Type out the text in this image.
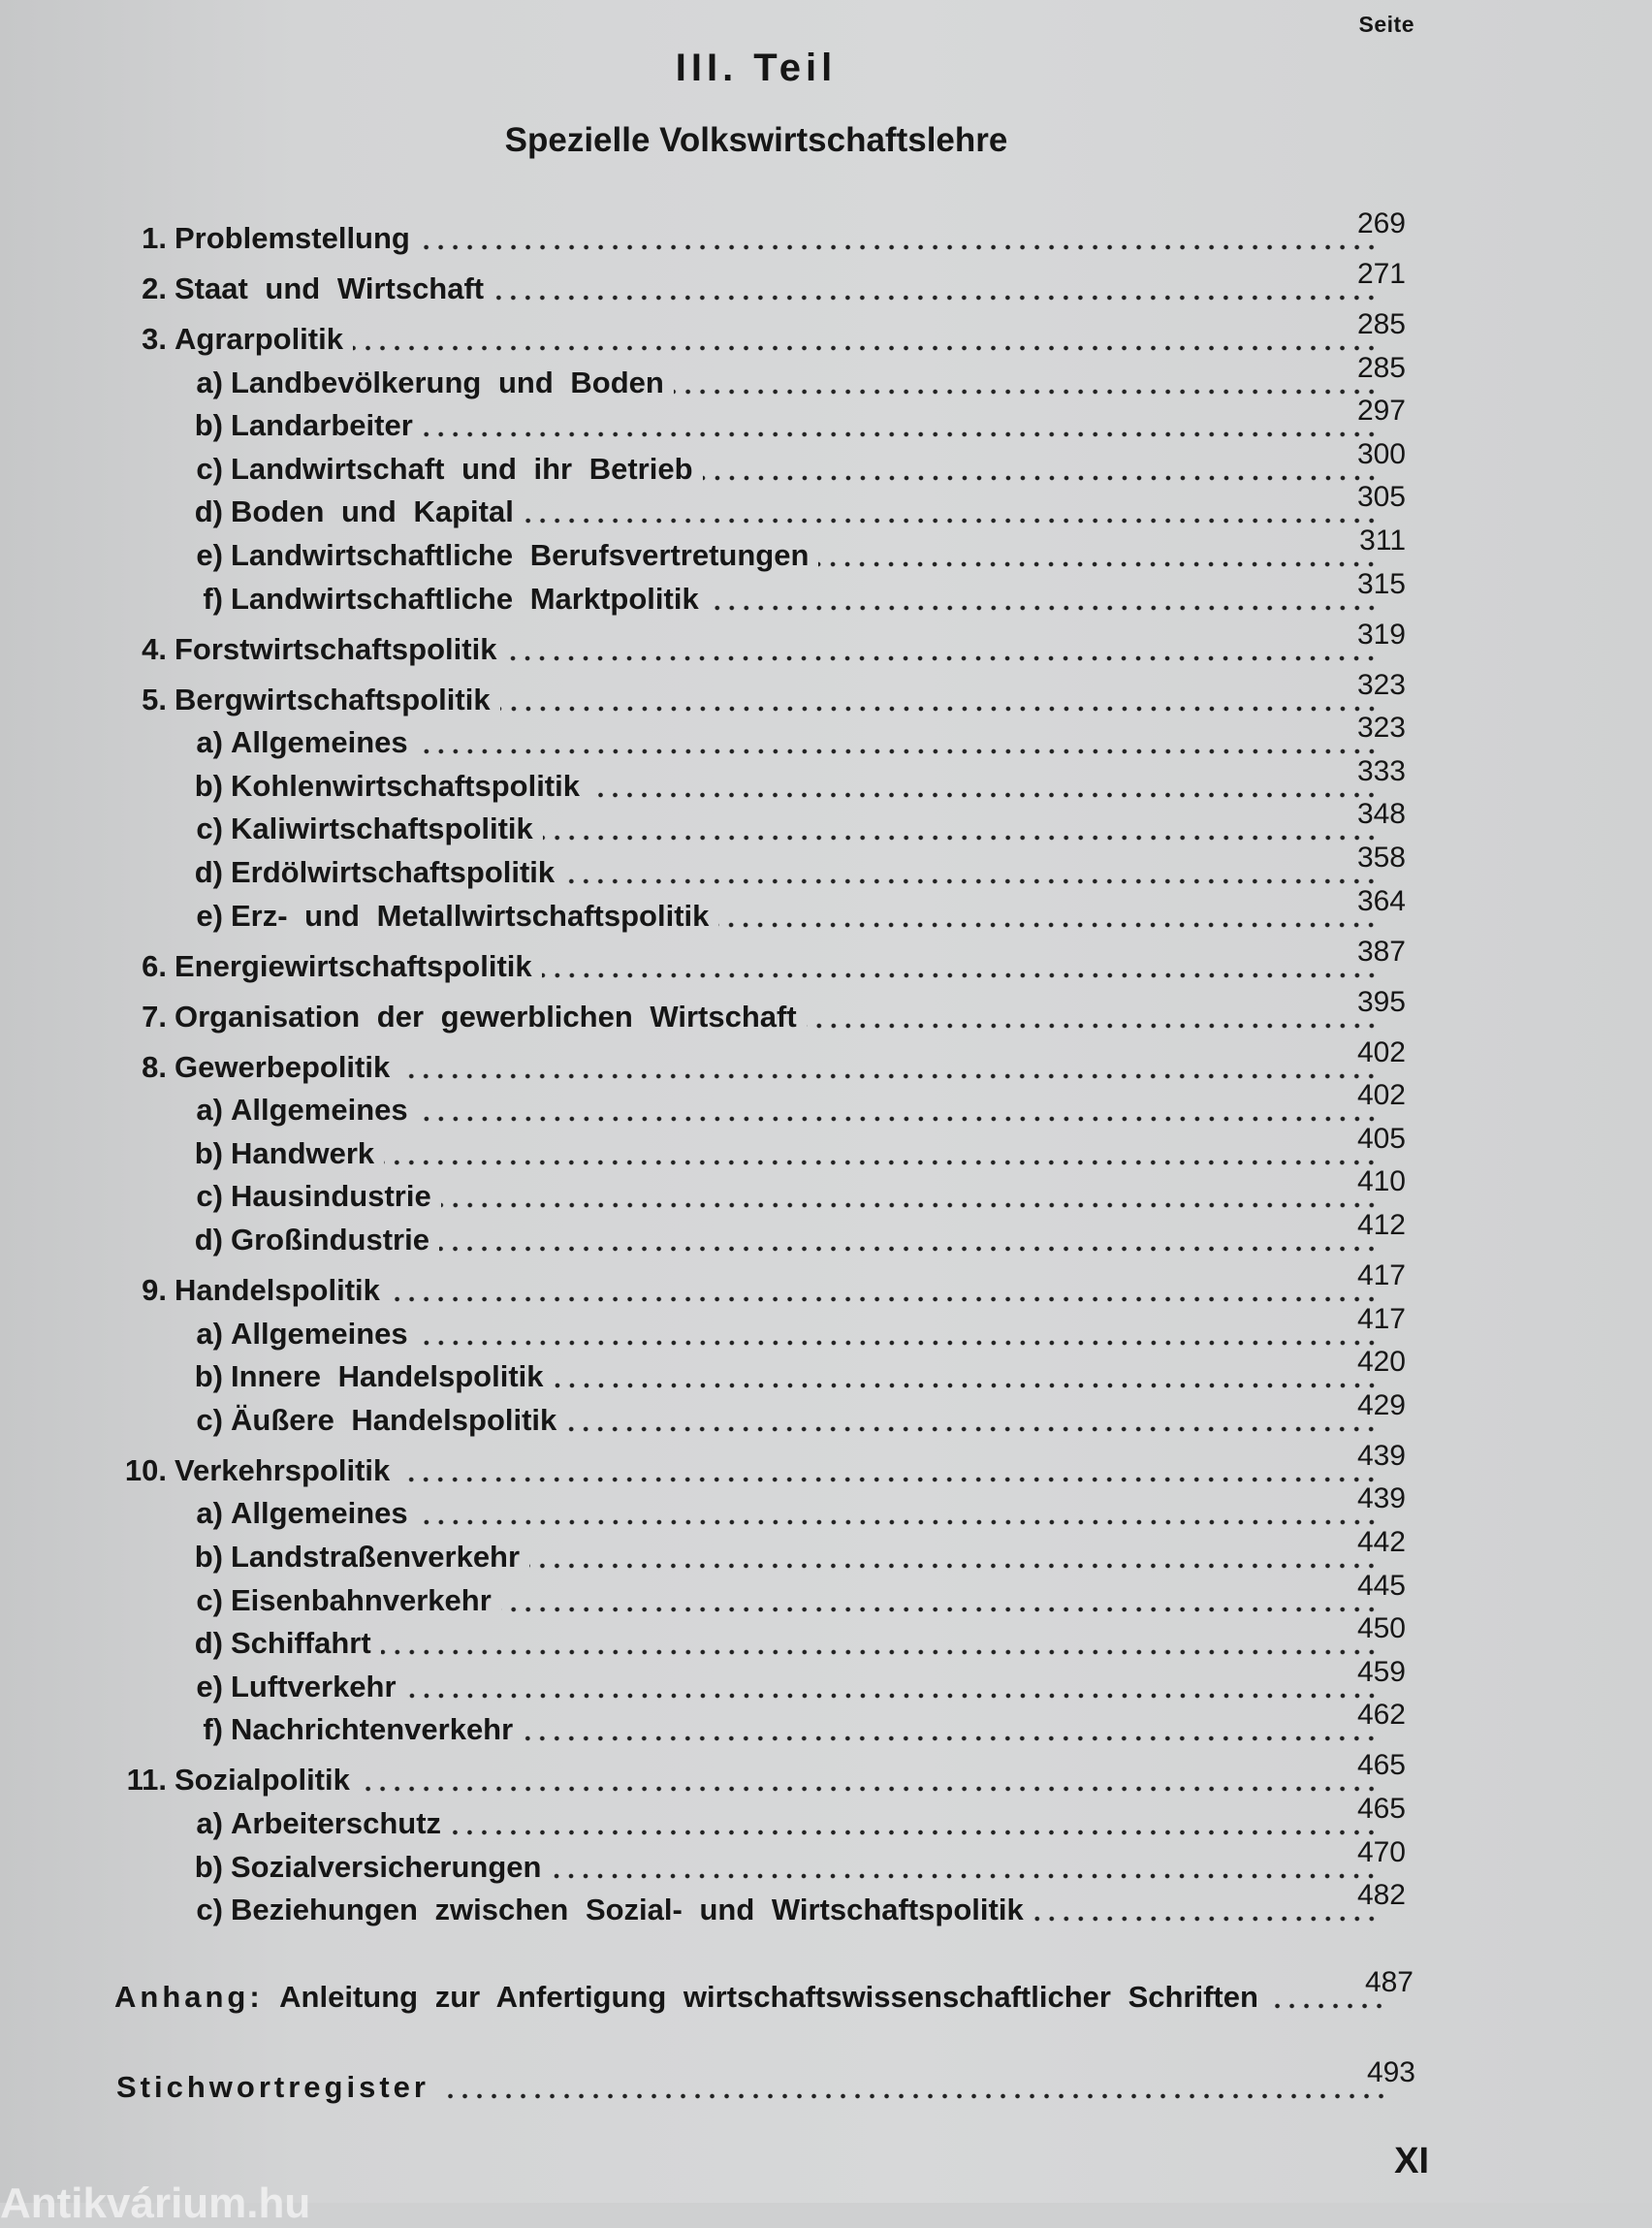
Seite
III. Teil
Spezielle Volkswirtschaftslehre
1. Problemstellung	269
2. Staat und Wirtschaft	271
3. Agrarpolitik	285
a) Landbevölkerung und Boden	285
b) Landarbeiter	297
c) Landwirtschaft und ihr Betrieb	300
d) Boden und Kapital	305
e) Landwirtschaftliche Berufsvertretungen	311
f) Landwirtschaftliche Marktpolitik	315
4. Forstwirtschaftspolitik	319
5. Bergwirtschaftspolitik	323
a) Allgemeines	323
b) Kohlenwirtschaftspolitik	333
c) Kaliwirtschaftspolitik	348
d) Erdölwirtschaftspolitik	358
e) Erz- und Metallwirtschaftspolitik	364
6. Energiewirtschaftspolitik	387
7. Organisation der gewerblichen Wirtschaft	395
8. Gewerbepolitik	402
a) Allgemeines	402
b) Handwerk	405
c) Hausindustrie	410
d) Großindustrie	412
9. Handelspolitik	417
a) Allgemeines	417
b) Innere Handelspolitik	420
c) Äußere Handelspolitik	429
10. Verkehrspolitik	439
a) Allgemeines	439
b) Landstraßenverkehr	442
c) Eisenbahnverkehr	445
d) Schiffahrt	450
e) Luftverkehr	459
f) Nachrichtenverkehr	462
11. Sozialpolitik	465
a) Arbeiterschutz	465
b) Sozialversicherungen	470
c) Beziehungen zwischen Sozial- und Wirtschaftspolitik	482
Anhang: Anleitung zur Anfertigung wirtschaftswissenschaftlicher Schriften	487
Stichwortregister	493
XI
Antikvárium.hu
